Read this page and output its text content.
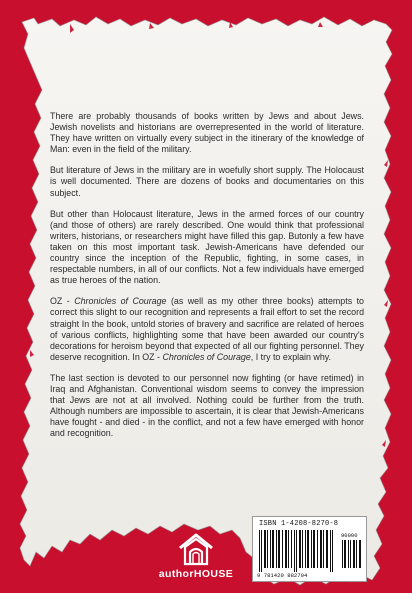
There are probably thousands of books written by Jews and about Jews. Jewish novelists and historians are overrepresented in the world of literature. They have written on virtually every subject in the itinerary of the knowledge of Man: even in the field of the military.

But literature of Jews in the military are in woefully short supply. The Holocaust is well documented. There are dozens of books and documentaries on this subject.

But other than Holocaust literature, Jews in the armed forces of our country (and those of others) are rarely described. One would think that professional writers, historians, or researchers might have filled this gap. Butonly a few have taken on this most important task. Jewish-Americans have defended our country since the inception of the Republic, fighting, in some cases, in respectable numbers, in all of our conflicts. Not a few individuals have emerged as true heroes of the nation.

OZ - Chronicles of Courage (as well as my other three books) attempts to correct this slight to our recognition and represents a frail effort to set the record straight In the book, untold stories of bravery and sacrifice are related of heroes of various conflicts, highlighting some that have been awarded our country's decorations for heroism beyond that expected of all our fighting personnel. They deserve recognition. In OZ - Chronicles of Courage, I try to explain why.

The last section is devoted to our personnel now fighting (or have retimed) in Iraq and Afghanistan. Conventional wisdom seems to convey the impression that Jews are not at all involved. Nothing could be further from the truth. Although numbers are impossible to ascertain, it is clear that Jewish-Americans have fought - and died - in the conflict, and not a few have emerged with honor and recognition.

authorHOUSE
ISBN 1-4208-8270-8
90000
9 781420 882704
